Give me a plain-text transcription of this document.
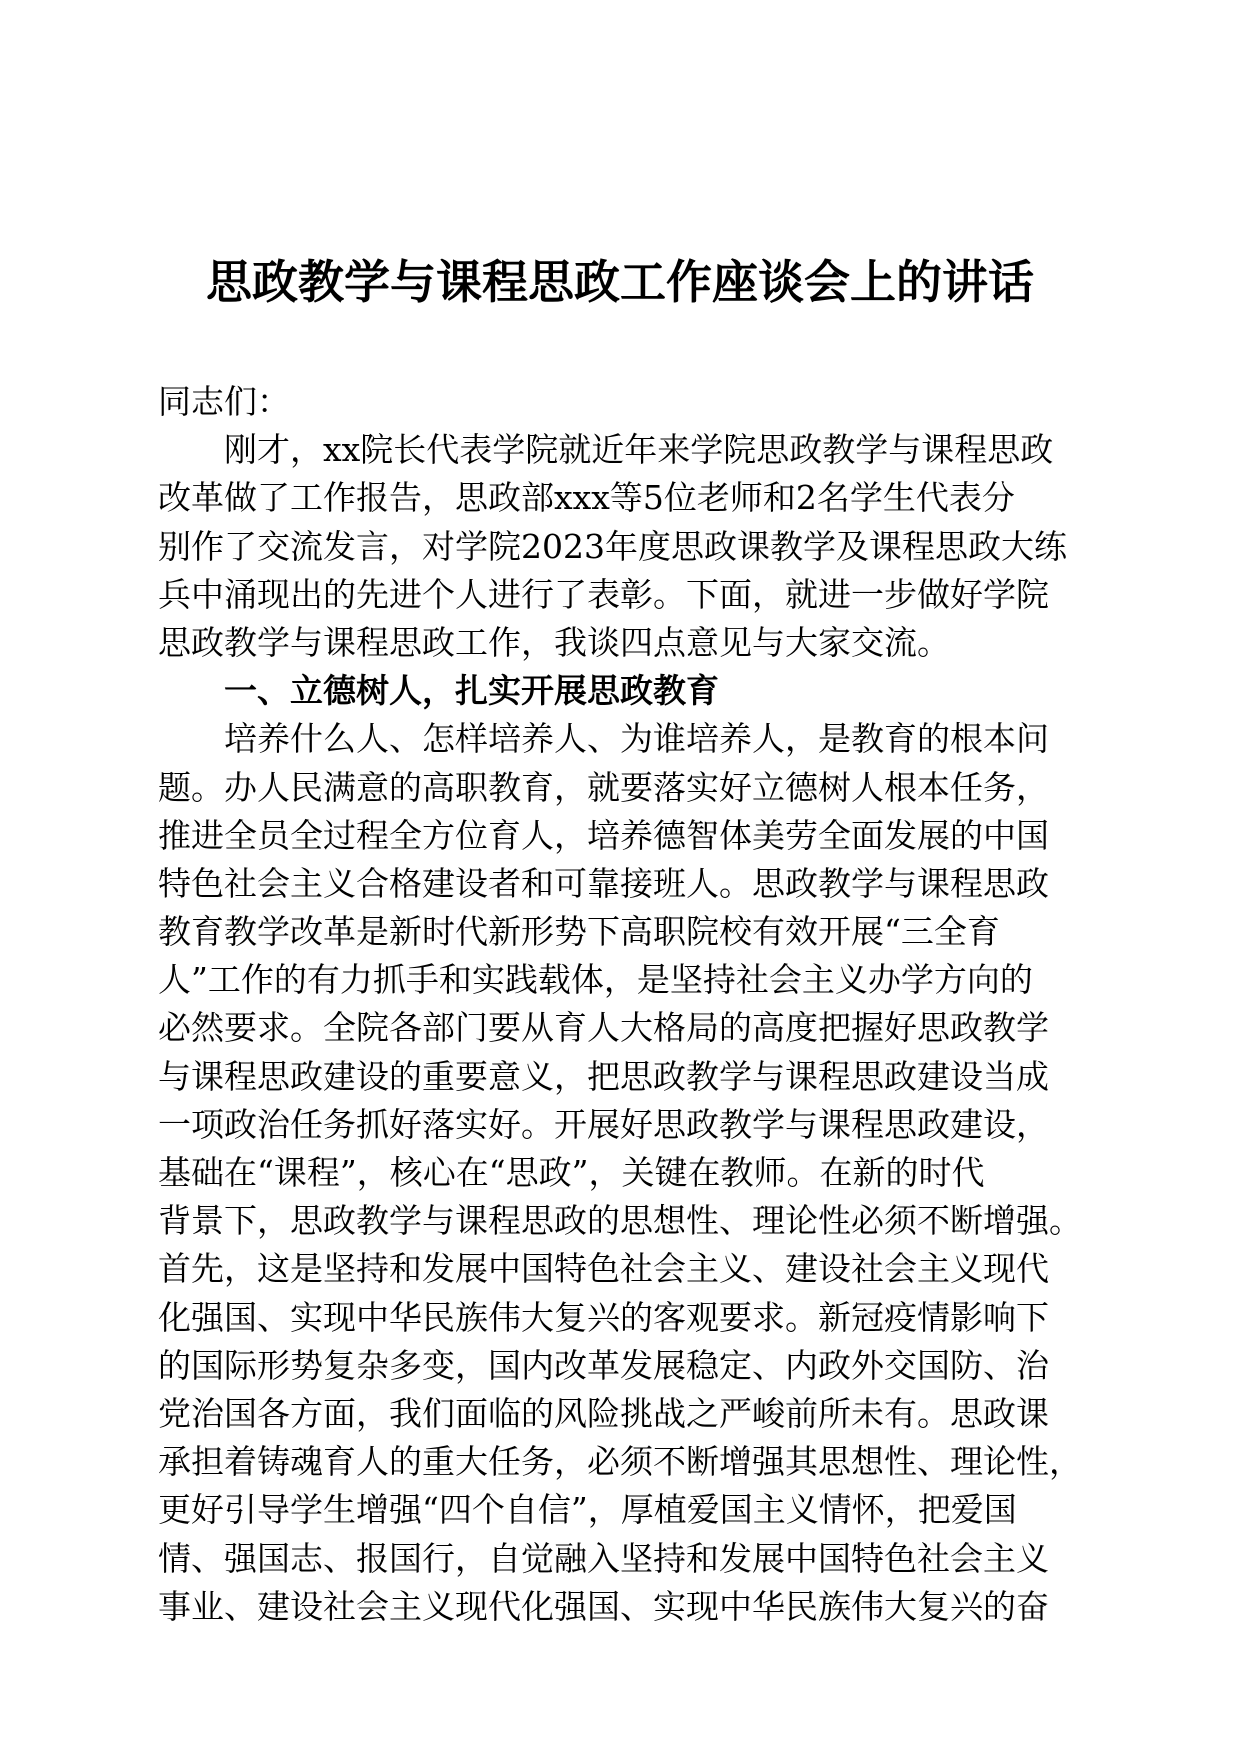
思政教学与课程思政工作座谈会上的讲话
同志们：
刚才，xx院长代表学院就近年来学院思政教学与课程思政
改革做了工作报告，思政部xxx等5位老师和2名学生代表分
别作了交流发言，对学院2023年度思政课教学及课程思政大练
兵中涌现出的先进个人进行了表彰。下面，就进一步做好学院
思政教学与课程思政工作，我谈四点意见与大家交流。
一、立德树人，扎实开展思政教育
培养什么人、怎样培养人、为谁培养人，是教育的根本问
题。办人民满意的高职教育，就要落实好立德树人根本任务，
推进全员全过程全方位育人，培养德智体美劳全面发展的中国
特色社会主义合格建设者和可靠接班人。思政教学与课程思政
教育教学改革是新时代新形势下高职院校有效开展“三全育
人”工作的有力抓手和实践载体，是坚持社会主义办学方向的
必然要求。全院各部门要从育人大格局的高度把握好思政教学
与课程思政建设的重要意义，把思政教学与课程思政建设当成
一项政治任务抓好落实好。开展好思政教学与课程思政建设，
基础在“课程”，核心在“思政”，关键在教师。在新的时代
背景下，思政教学与课程思政的思想性、理论性必须不断增强。
首先，这是坚持和发展中国特色社会主义、建设社会主义现代
化强国、实现中华民族伟大复兴的客观要求。新冠疫情影响下
的国际形势复杂多变，国内改革发展稳定、内政外交国防、治
党治国各方面，我们面临的风险挑战之严峻前所未有。思政课
承担着铸魂育人的重大任务，必须不断增强其思想性、理论性，
更好引导学生增强“四个自信”，厚植爱国主义情怀，把爱国
情、强国志、报国行，自觉融入坚持和发展中国特色社会主义
事业、建设社会主义现代化强国、实现中华民族伟大复兴的奋
